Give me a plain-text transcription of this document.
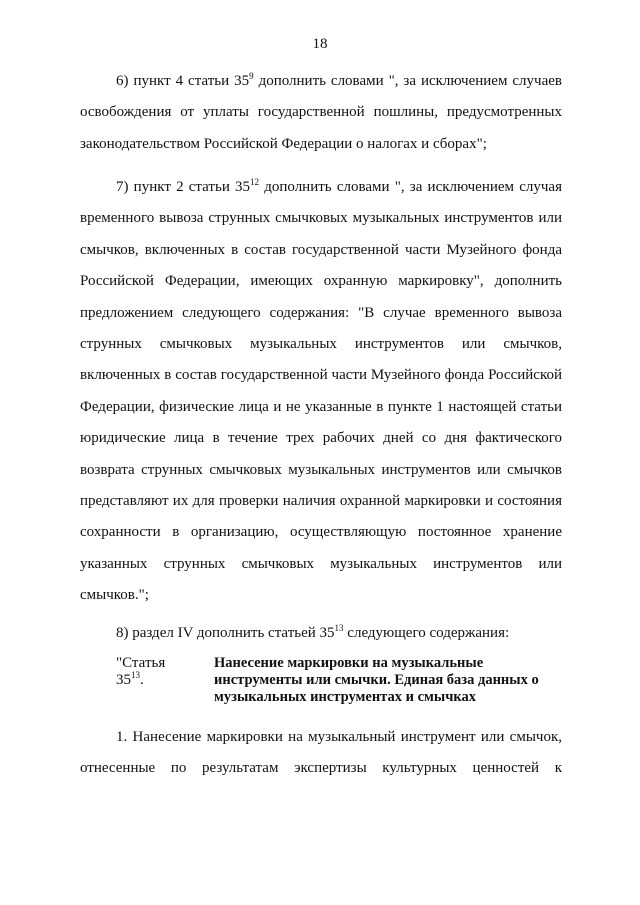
18

6) пункт 4 статьи $35^9$ дополнить словами ", за исключением случаев освобождения от уплаты государственной пошлины, предусмотренных законодательством Российской Федерации о налогах и сборах";

7) пункт 2 статьи $35^{12}$ дополнить словами ", за исключением случая временного вывоза струнных смычковых музыкальных инструментов или смычков, включенных в состав государственной части Музейного фонда Российской Федерации, имеющих охранную маркировку", дополнить предложением следующего содержания: "В случае временного вывоза струнных смычковых музыкальных инструментов или смычков, включенных в состав государственной части Музейного фонда Российской Федерации, физические лица и не указанные в пункте 1 настоящей статьи юридические лица в течение трех рабочих дней со дня фактического возврата струнных смычковых музыкальных инструментов или смычков представляют их для проверки наличия охранной маркировки и состояния сохранности в организацию, осуществляющую постоянное хранение указанных струнных смычковых музыкальных инструментов или смычков.";

8) раздел IV дополнить статьей $35^{13}$ следующего содержания:

"Статья $35^{13}$.
Нанесение маркировки на музыкальные инструменты или смычки. Единая база данных о музыкальных инструментах и смычках

1. Нанесение маркировки на музыкальный инструмент или смычок, отнесенные по результатам экспертизы культурных ценностей к
